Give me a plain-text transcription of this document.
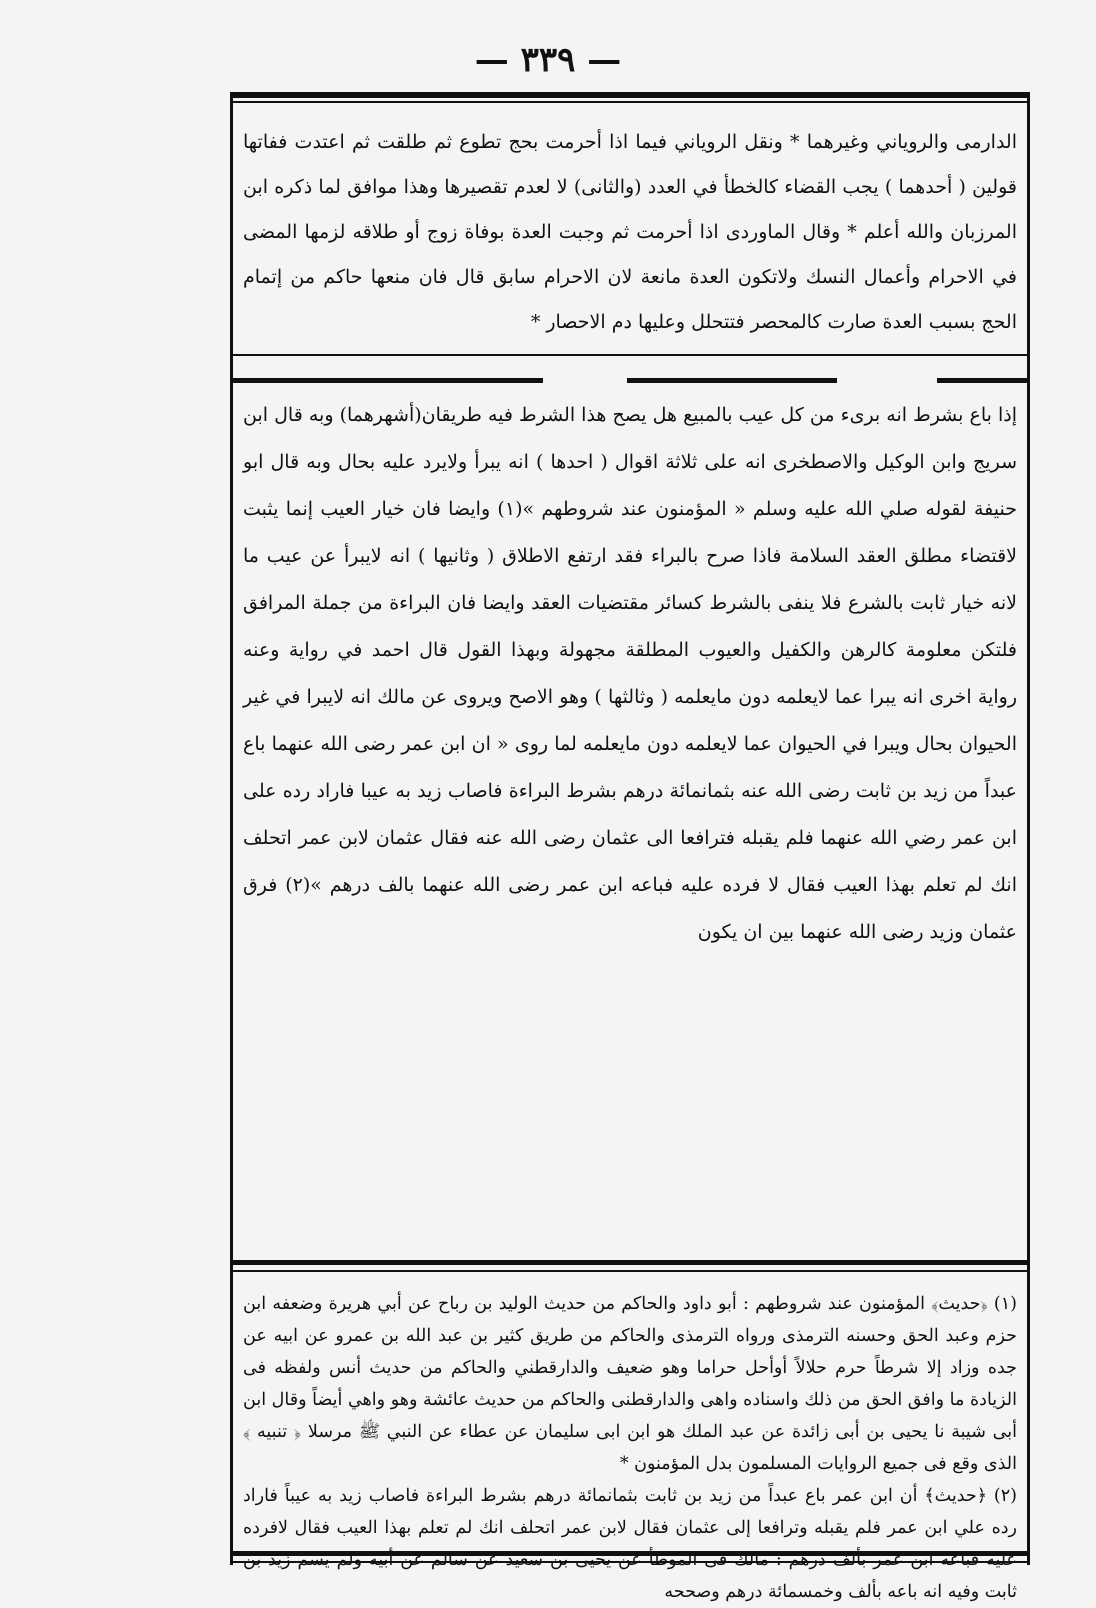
— ٣٣٩ —

الدارمى والروياني وغيرهما * ونقل الروياني فيما اذا أحرمت بحج تطوع ثم طلقت ثم اعتدت ففاتها قولين ( أحدهما ) يجب القضاء كالخطأ في العدد (والثانى) لا لعدم تقصيرها وهذا موافق لما ذكره ابن المرزبان والله أعلم * وقال الماوردى اذا أحرمت ثم وجبت العدة بوفاة زوج أو طلاقه لزمها المضى في الاحرام وأعمال النسك ولاتكون العدة مانعة لان الاحرام سابق قال فان منعها حاكم من إتمام الحج بسبب العدة صارت كالمحصر فتتحلل وعليها دم الاحصار *

إذا باع بشرط انه برىء من كل عيب بالمبيع هل يصح هذا الشرط فيه طريقان(أشهرهما) وبه قال ابن سريج وابن الوكيل والاصطخرى انه على ثلاثة اقوال ( احدها ) انه يبرأ ولايرد عليه بحال وبه قال ابو حنيفة لقوله صلي الله عليه وسلم « المؤمنون عند شروطهم »(١) وايضا فان خيار العيب إنما يثبت لاقتضاء مطلق العقد السلامة فاذا صرح بالبراء فقد ارتفع الاطلاق ( وثانيها ) انه لايبرأ عن عيب ما لانه خيار ثابت بالشرع فلا ينفى بالشرط كسائر مقتضيات العقد وايضا فان البراءة من جملة المرافق فلتكن معلومة كالرهن والكفيل والعيوب المطلقة مجهولة وبهذا القول قال احمد في رواية وعنه رواية اخرى انه يبرا عما لايعلمه دون مايعلمه ( وثالثها ) وهو الاصح ويروى عن مالك انه لايبرا في غير الحيوان بحال ويبرا في الحيوان عما لايعلمه دون مايعلمه لما روى « ان ابن عمر رضى الله عنهما باع عبداً من زيد بن ثابت رضى الله عنه بثمانمائة درهم بشرط البراءة فاصاب زيد به عيبا فاراد رده على ابن عمر رضي الله عنهما فلم يقبله فترافعا الى عثمان رضى الله عنه فقال عثمان لابن عمر اتحلف انك لم تعلم بهذا العيب فقال لا فرده عليه فباعه ابن عمر رضى الله عنهما بالف درهم »(٢) فرق عثمان وزيد رضى الله عنهما بين ان يكون

(١) ﴿حديث﴾ المؤمنون عند شروطهم : أبو داود والحاكم من حديث الوليد بن رباح عن أبي هريرة وضعفه ابن حزم وعبد الحق وحسنه الترمذى ورواه الترمذى والحاكم من طريق كثير بن عبد الله بن عمرو عن ابيه عن جده وزاد إلا شرطاً حرم حلالاً أوأحل حراما وهو ضعيف والدارقطني والحاكم من حديث أنس ولفظه فى الزيادة ما وافق الحق من ذلك واسناده واهى والدارقطنى والحاكم من حديث عائشة وهو واهي أيضاً وقال ابن أبى شيبة نا يحيى بن أبى زائدة عن عبد الملك هو ابن ابى سليمان عن عطاء عن النبي ﷺ مرسلا ﴿ تنبيه ﴾ الذى وقع فى جميع الروايات المسلمون بدل المؤمنون *

(٢) ﴿حديث﴾ أن ابن عمر باع عبداً من زيد بن ثابت بثمانمائة درهم بشرط البراءة فاصاب زيد به عيباً فاراد رده علي ابن عمر فلم يقبله وترافعا إلى عثمان فقال لابن عمر اتحلف انك لم تعلم بهذا العيب فقال لافرده عليه فباعه ابن عمر بألف درهم : مالك فى الموطأ عن يحيى بن سعيد عن سالم عن أبيه ولم يسم زيد بن ثابت وفيه انه باعه بألف وخمسمائة درهم وصححه
